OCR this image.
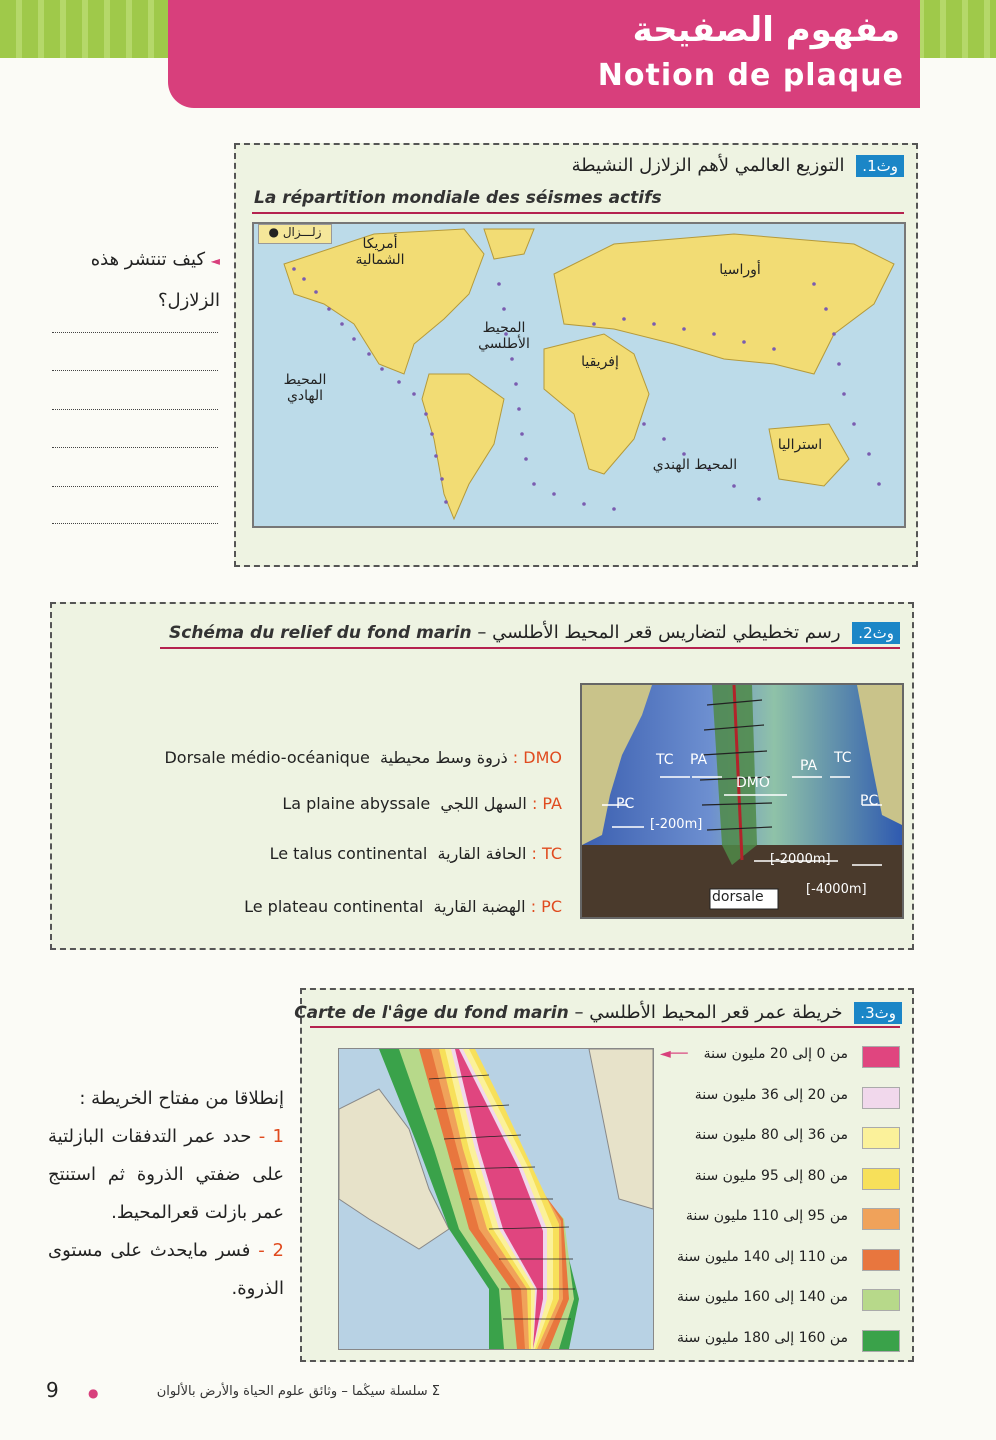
مفهوم الصفيحة
Notion de plaque
وث1. التوزيع العالمي لأهم الزلازل النشيطة
La répartition mondiale des séismes actifs
زلـــزال ●
أمريكا الشمالية
أوراسيا
المحيط الأطلسي
إفريقيا
المحيط الهادي
استراليا
المحيط الهندي
◄ كيف تنتشر هذه الزلازل؟
وث2. رسم تخطيطي لتضاريس قعر المحيط الأطلسي – Schéma du relief du fond marin
Dorsale médio-océanique ذروة وسط محيطية : DMO
La plaine abyssale السهل اللجي : PA
Le talus continental الحافة القارية : TC
Le plateau continental الهضبة القارية : PC
TC PA
DMO
PA TC
PC	PC
[-200m]
[-2000m]
[-4000m]
dorsale
وث3. خريطة عمر قعر المحيط الأطلسي – Carte de l'âge du fond marin
◄── من 0 إلى 20 مليون سنة
من 20 إلى 36 مليون سنة
من 36 إلى 80 مليون سنة
من 80 إلى 95 مليون سنة
من 95 إلى 110 مليون سنة
من 110 إلى 140 مليون سنة
من 140 إلى 160 مليون سنة
من 160 إلى 180 مليون سنة
إنطلاقا من مفتاح الخريطة :
1 - حدد عمر التدفقات البازلتية على ضفتي الذروة ثم استنتج عمر بازلت قعرالمحيط.
2 - فسر مايحدث على مستوى الذروة.
9 ●	Σ سلسلة سيڭما – وثائق علوم الحياة والأرض بالألوان
